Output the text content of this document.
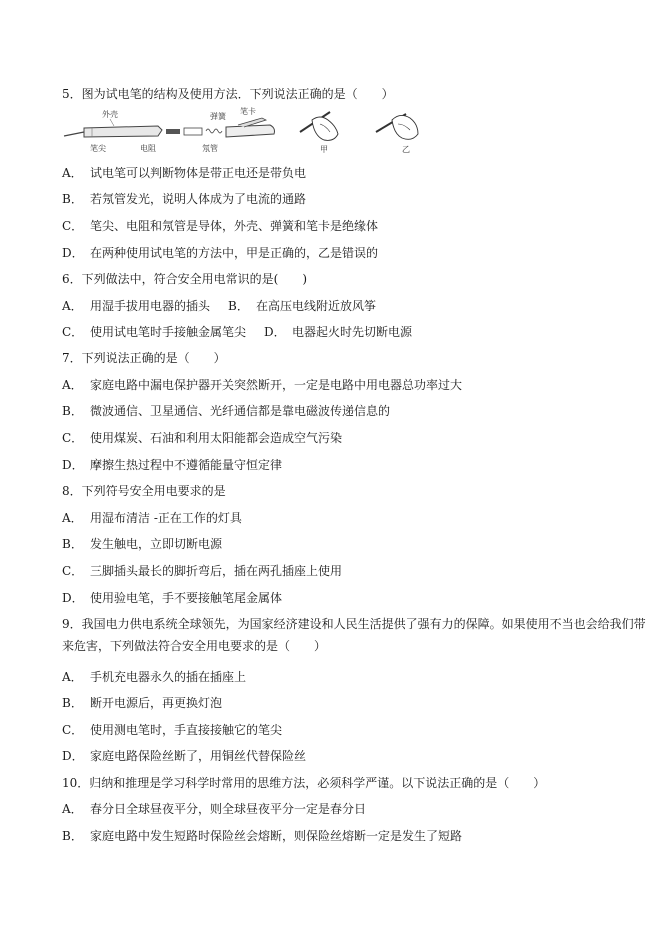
5．图为试电笔的结构及使用方法．下列说法正确的是（　　）
外壳	弹簧
笔卡
笔尖	电阻	氖管	甲	乙
A． 试电笔可以判断物体是带正电还是带负电
B． 若氖管发光，说明人体成为了电流的通路
C． 笔尖、电阻和氖管是导体，外壳、弹簧和笔卡是绝缘体
D． 在两种使用试电笔的方法中，甲是正确的，乙是错误的
6．下列做法中，符合安全用电常识的是(　　)
A． 用湿手拔用电器的插头 B． 在高压电线附近放风筝
C． 使用试电笔时手接触金属笔尖 D． 电器起火时先切断电源
7．下列说法正确的是（　　）
A． 家庭电路中漏电保护器开关突然断开，一定是电路中用电器总功率过大
B． 微波通信、卫星通信、光纤通信都是靠电磁波传递信息的
C． 使用煤炭、石油和利用太阳能都会造成空气污染
D． 摩擦生热过程中不遵循能量守恒定律
8．下列符号安全用电要求的是
A． 用湿布清洁 ‐正在工作的灯具
B． 发生触电，立即切断电源
C． 三脚插头最长的脚折弯后，插在两孔插座上使用
D． 使用验电笔，手不要接触笔尾金属体
9．我国电力供电系统全球领先，为国家经济建设和人民生活提供了强有力的保障。如果使用不当也会给我们带来危害，下列做法符合安全用电要求的是（　　）
A． 手机充电器永久的插在插座上
B． 断开电源后，再更换灯泡
C． 使用测电笔时，手直接接触它的笔尖
D． 家庭电路保险丝断了，用铜丝代替保险丝
10．归纳和推理是学习科学时常用的思维方法，必须科学严谨。以下说法正确的是（　　）
A． 春分日全球昼夜平分，则全球昼夜平分一定是春分日
B． 家庭电路中发生短路时保险丝会熔断，则保险丝熔断一定是发生了短路
